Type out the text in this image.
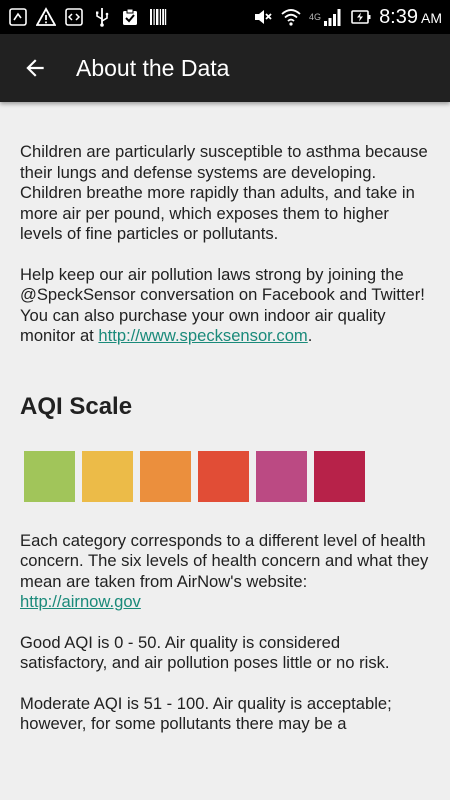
4G	8:39 AM
About the Data

Children are particularly susceptible to asthma because their lungs and defense systems are developing. Children breathe more rapidly than adults, and take in more air per pound, which exposes them to higher levels of fine particles or pollutants.

Help keep our air pollution laws strong by joining the @SpeckSensor conversation on Facebook and Twitter! You can also purchase your own indoor air quality monitor at http://www.specksensor.com.

AQI Scale

Each category corresponds to a different level of health concern. The six levels of health concern and what they mean are taken from AirNow's website: http://airnow.gov

Good AQI is 0 - 50. Air quality is considered satisfactory, and air pollution poses little or no risk.

Moderate AQI is 51 - 100. Air quality is acceptable; however, for some pollutants there may be a
